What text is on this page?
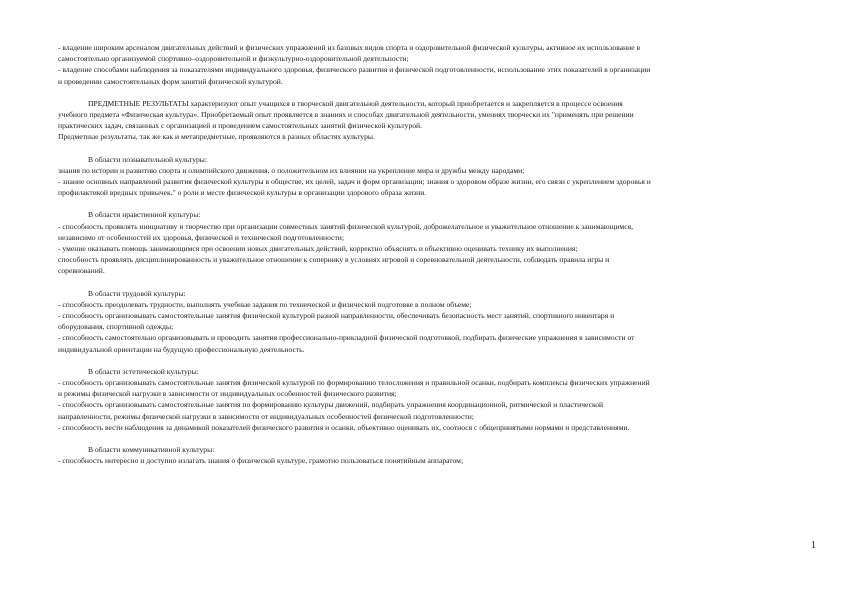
- владение широким арсеналом двигательных действий и физических упражнений из базовых видов спорта и оздоровительной физической культуры, активное их использование в
самостоятельно организуемой спортивно–оздоровительной и физкультурно-оздоровительной деятельности;
- владение способами наблюдения за показателями индивидуального здоровья, физического развития и физической подготовленности, использование этих показателей в организации
и проведении самостоятельных форм занятий физической культурой.
ПРЕДМЕТНЫЕ РЕЗУЛЬТАТЫ характеризуют опыт учащихся в творческой двигательной деятельности, который приобретается и закрепляется в процессе освоения
учебного предмета «Физическая культура». Приобретаемый опыт проявляется в знаниях и способах двигательной деятельности, умениях творчески их "применять при решении
практических задач, связанных с организацией и проведением самостоятельных занятий физической культурой.
Предметные результаты, так же как и метапредметные, проявляются в разных областях культуры.
В области познавательной культуры:
знания по истории и развитию спорта и олимпийского движения, о положительном их влиянии на укрепление мира и дружбы между народами;
- знание основных направлений развития физической культуры в обществе, их целей, задач и форм организации; знания о здоровом образе жизни, его связи с укреплением здоровья и
профилактикой вредных привычек," о роли и месте физической культуры в организации здорового образа жизни.
В области нравственной культуры:
- способность проявлять инициативу и творчество при организации совместных занятий физической культурой, доброжелательное и уважительное отношение к занимающимся,
независимо от особенностей их здоровья, физической и технической подготовленности;
- умение оказывать помощь занимающимся при освоении новых двигательных действий, корректно объяснять и объективно оценивать технику их выполнения;
способность проявлять дисциплинированность и уважительное отношение к сопернику в условиях игровой и соревновательной деятельности, соблюдать правила игры и
соревнований.
В области трудовой культуры:
- способность преодолевать трудности, выполнять учебные задания по технической и физической подготовке в полном объеме;
- способность организовывать самостоятельные занятия физической культурой разной направленности, обеспечивать безопасность мест занятий, спортивного инвентаря и
оборудования, спортивной одежды;
- способность самостоятельно организовывать и проводить занятия профессионально-прикладной физической подготовкой, подбирать физические упражнения в зависимости от
индивидуальной ориентации на будущую профессиональную деятельность.
В области эстетической культуры:
- способность организовывать самостоятельные занятия физической культурой по формированию телосложения и правильной осанки, подбирать комплексы физических упражнений
и режимы физической нагрузки в зависимости от индивидуальных особенностей физического развития;
- способность организовывать самостоятельные занятия по формированию культуры движений, подбирать упражнения координационной, ритмической и пластической
направленности, режимы физической нагрузки в зависимости от индивидуальных особенностей физической подготовленности;
- способность вести наблюдения за динамикой показателей физического развития и осанки, объективно оценивать их, соотнося с общепринятыми нормами и представлениями.
В области коммуникативной культуры:
- способность интересно и доступно излагать знания о физической культуре, грамотно пользоваться понятийным аппаратом;
1
